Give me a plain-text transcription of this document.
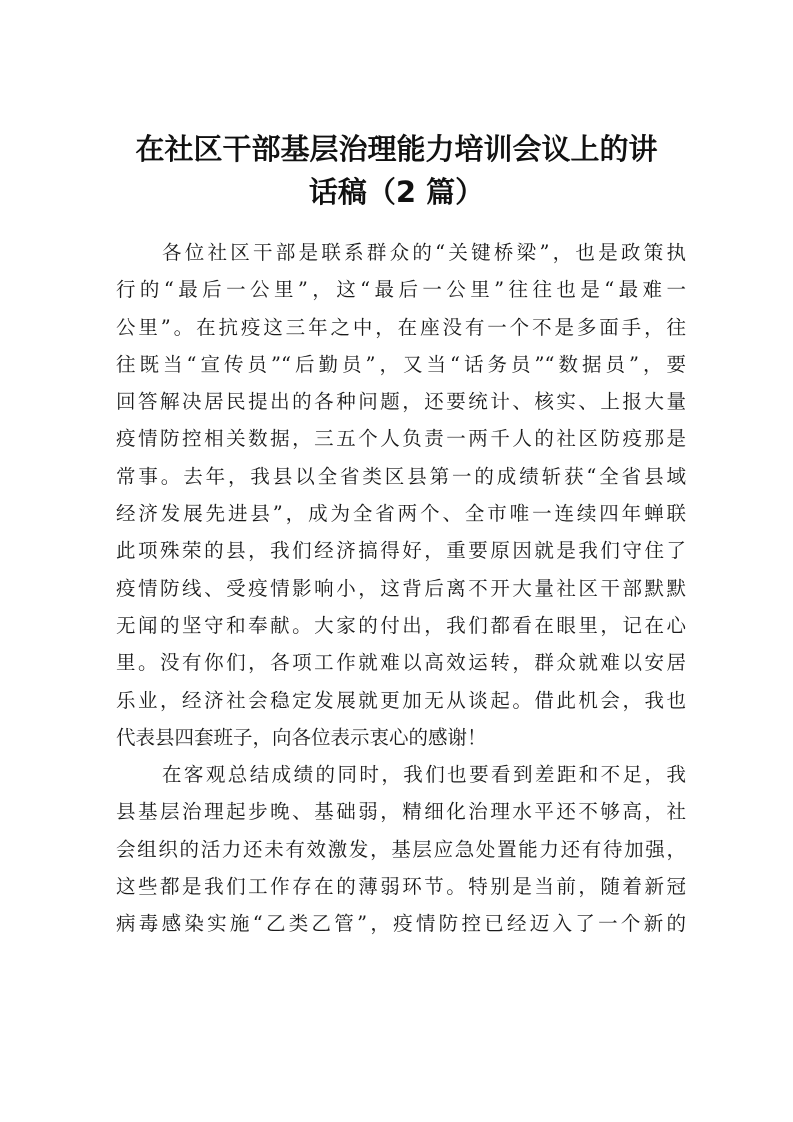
在社区干部基层治理能力培训会议上的讲
话稿（2 篇）
各位社区干部是联系群众的“关键桥梁”，也是政策执
行的“最后一公里”，这“最后一公里”往往也是“最难一
公里”。在抗疫这三年之中，在座没有一个不是多面手，往
往既当“宣传员”“后勤员”，又当“话务员”“数据员”，要
回答解决居民提出的各种问题，还要统计、核实、上报大量
疫情防控相关数据，三五个人负责一两千人的社区防疫那是
常事。去年，我县以全省类区县第一的成绩斩获“全省县域
经济发展先进县”，成为全省两个、全市唯一连续四年蝉联
此项殊荣的县，我们经济搞得好，重要原因就是我们守住了
疫情防线、受疫情影响小，这背后离不开大量社区干部默默
无闻的坚守和奉献。大家的付出，我们都看在眼里，记在心
里。没有你们，各项工作就难以高效运转，群众就难以安居
乐业，经济社会稳定发展就更加无从谈起。借此机会，我也
代表县四套班子，向各位表示衷心的感谢！
在客观总结成绩的同时，我们也要看到差距和不足，我
县基层治理起步晚、基础弱，精细化治理水平还不够高，社
会组织的活力还未有效激发，基层应急处置能力还有待加强，
这些都是我们工作存在的薄弱环节。特别是当前，随着新冠
病毒感染实施“乙类乙管”，疫情防控已经迈入了一个新的
